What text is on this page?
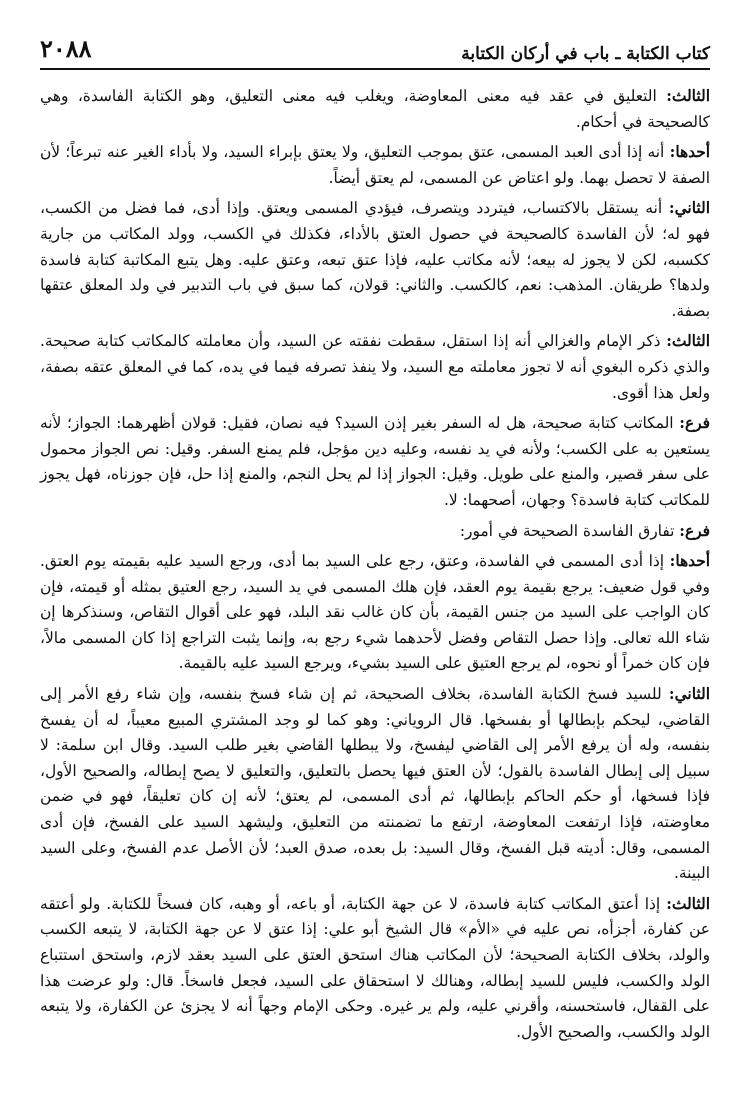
كتاب الكتابة ـ باب في أركان الكتابة
٢٠٨٨

الثالث: التعليق في عقد فيه معنى المعاوضة، ويغلب فيه معنى التعليق، وهو الكتابة الفاسدة، وهي كالصحيحة في أحكام.

أحدها: أنه إذا أدى العبد المسمى، عتق بموجب التعليق، ولا يعتق بإبراء السيد، ولا بأداء الغير عنه تبرعاً؛ لأن الصفة لا تحصل بهما. ولو اعتاض عن المسمى، لم يعتق أيضاً.

الثاني: أنه يستقل بالاكتساب، فيتردد ويتصرف، فيؤدي المسمى ويعتق. وإذا أدى، فما فضل من الكسب، فهو له؛ لأن الفاسدة كالصحيحة في حصول العتق بالأداء، فكذلك في الكسب، وولد المكاتب من جارية ككسبه، لكن لا يجوز له بيعه؛ لأنه مكاتب عليه، فإذا عتق تبعه، وعتق عليه. وهل يتبع المكاتبة كتابة فاسدة ولدها؟ طريقان. المذهب: نعم، كالكسب. والثاني: قولان، كما سبق في باب التدبير في ولد المعلق عتقها بصفة.

الثالث: ذكر الإمام والغزالي أنه إذا استقل، سقطت نفقته عن السيد، وأن معاملته كالمكاتب كتابة صحيحة. والذي ذكره البغوي أنه لا تجوز معاملته مع السيد، ولا ينفذ تصرفه فيما في يده، كما في المعلق عتقه بصفة، ولعل هذا أقوى.

فرع: المكاتب كتابة صحيحة، هل له السفر بغير إذن السيد؟ فيه نصان، فقيل: قولان أظهرهما: الجواز؛ لأنه يستعين به على الكسب؛ ولأنه في يد نفسه، وعليه دين مؤجل، فلم يمنع السفر. وقيل: نص الجواز محمول على سفر قصير، والمنع على طويل. وقيل: الجواز إذا لم يحل النجم، والمنع إذا حل، فإن جوزناه، فهل يجوز للمكاتب كتابة فاسدة؟ وجهان، أصحهما: لا.

فرع: تفارق الفاسدة الصحيحة في أمور:

أحدها: إذا أدى المسمى في الفاسدة، وعتق، رجع على السيد بما أدى، ورجع السيد عليه بقيمته يوم العتق. وفي قول ضعيف: يرجع بقيمة يوم العقد، فإن هلك المسمى في يد السيد، رجع العتيق بمثله أو قيمته، فإن كان الواجب على السيد من جنس القيمة، بأن كان غالب نقد البلد، فهو على أقوال التقاص، وسنذكرها إن شاء الله تعالى. وإذا حصل التقاص وفضل لأحدهما شيء رجع به، وإنما يثبت التراجع إذا كان المسمى مالاً، فإن كان خمراً أو نحوه، لم يرجع العتيق على السيد بشيء، ويرجع السيد عليه بالقيمة.

الثاني: للسيد فسخ الكتابة الفاسدة، بخلاف الصحيحة، ثم إن شاء فسخ بنفسه، وإن شاء رفع الأمر إلى القاضي، ليحكم بإبطالها أو بفسخها. قال الروياني: وهو كما لو وجد المشتري المبيع معيباً، له أن يفسخ بنفسه، وله أن يرفع الأمر إلى القاضي ليفسخ، ولا يبطلها القاضي بغير طلب السيد. وقال ابن سلمة: لا سبيل إلى إبطال الفاسدة بالقول؛ لأن العتق فيها يحصل بالتعليق، والتعليق لا يصح إبطاله، والصحيح الأول، فإذا فسخها، أو حكم الحاكم بإبطالها، ثم أدى المسمى، لم يعتق؛ لأنه إن كان تعليقاً، فهو في ضمن معاوضته، فإذا ارتفعت المعاوضة، ارتفع ما تضمنته من التعليق، وليشهد السيد على الفسخ، فإن أدى المسمى، وقال: أديته قبل الفسخ، وقال السيد: بل بعده، صدق العبد؛ لأن الأصل عدم الفسخ، وعلى السيد البينة.

الثالث: إذا أعتق المكاتب كتابة فاسدة، لا عن جهة الكتابة، أو باعه، أو وهبه، كان فسخاً للكتابة. ولو أعتقه عن كفارة، أجزأه، نص عليه في «الأم» قال الشيخ أبو علي: إذا عتق لا عن جهة الكتابة، لا يتبعه الكسب والولد، بخلاف الكتابة الصحيحة؛ لأن المكاتب هناك استحق العتق على السيد بعقد لازم، واستحق استتباع الولد والكسب، فليس للسيد إبطاله، وهنالك لا استحقاق على السيد، فجعل فاسخاً. قال: ولو عرضت هذا على القفال، فاستحسنه، وأقرني عليه، ولم ير غيره. وحكى الإمام وجهاً أنه لا يجزئ عن الكفارة، ولا يتبعه الولد والكسب، والصحيح الأول.
